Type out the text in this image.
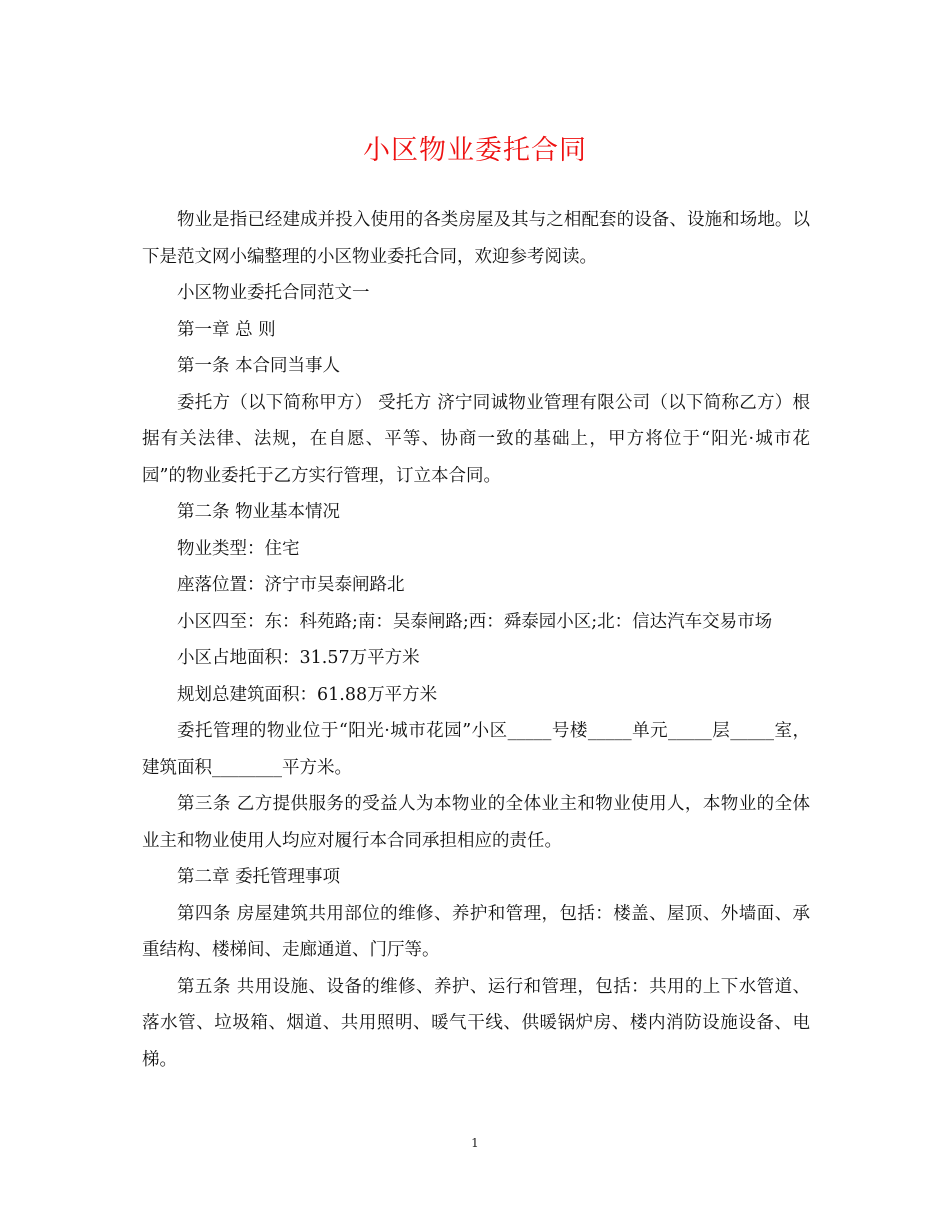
小区物业委托合同

物业是指已经建成并投入使用的各类房屋及其与之相配套的设备、设施和场地。以下是范文网小编整理的小区物业委托合同，欢迎参考阅读。

小区物业委托合同范文一

第一章 总 则

第一条 本合同当事人

委托方（以下简称甲方） 受托方 济宁同诚物业管理有限公司（以下简称乙方）根据有关法律、法规，在自愿、平等、协商一致的基础上，甲方将位于“阳光·城市花园”的物业委托于乙方实行管理，订立本合同。

第二条 物业基本情况

物业类型：住宅

座落位置：济宁市吴泰闸路北

小区四至：东：科苑路;南：吴泰闸路;西：舜泰园小区;北：信达汽车交易市场

小区占地面积：31.57万平方米

规划总建筑面积：61.88万平方米

委托管理的物业位于“阳光·城市花园”小区_____号楼_____单元_____层_____室，建筑面积________平方米。

第三条 乙方提供服务的受益人为本物业的全体业主和物业使用人，本物业的全体业主和物业使用人均应对履行本合同承担相应的责任。

第二章 委托管理事项

第四条 房屋建筑共用部位的维修、养护和管理，包括：楼盖、屋顶、外墙面、承重结构、楼梯间、走廊通道、门厅等。

第五条 共用设施、设备的维修、养护、运行和管理，包括：共用的上下水管道、落水管、垃圾箱、烟道、共用照明、暖气干线、供暖锅炉房、楼内消防设施设备、电梯。

1
